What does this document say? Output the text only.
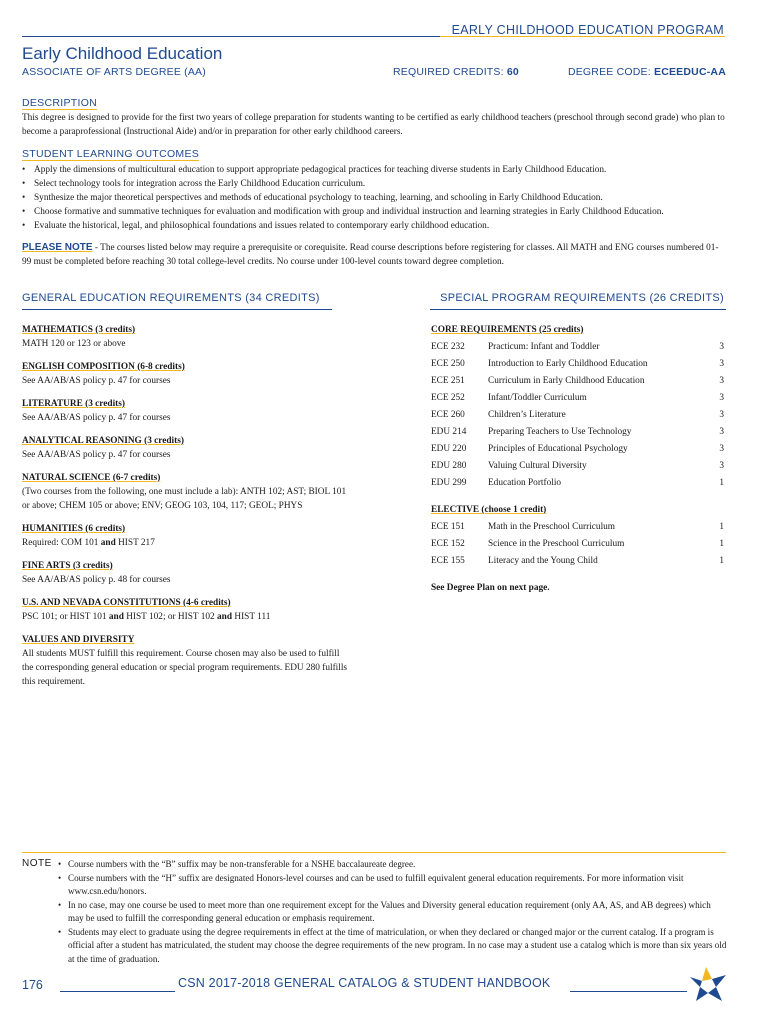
EARLY CHILDHOOD EDUCATION PROGRAM
Early Childhood Education
ASSOCIATE OF ARTS DEGREE (AA)	REQUIRED CREDITS: 60	DEGREE CODE: ECEEDUC-AA
DESCRIPTION
This degree is designed to provide for the first two years of college preparation for students wanting to be certified as early childhood teachers (preschool through second grade) who plan to become a paraprofessional (Instructional Aide) and/or in preparation for other early childhood careers.
STUDENT LEARNING OUTCOMES
• Apply the dimensions of multicultural education to support appropriate pedagogical practices for teaching diverse students in Early Childhood Education.
• Select technology tools for integration across the Early Childhood Education curriculum.
• Synthesize the major theoretical perspectives and methods of educational psychology to teaching, learning, and schooling in Early Childhood Education.
• Choose formative and summative techniques for evaluation and modification with group and individual instruction and learning strategies in Early Childhood Education.
• Evaluate the historical, legal, and philosophical foundations and issues related to contemporary early childhood education.
PLEASE NOTE - The courses listed below may require a prerequisite or corequisite. Read course descriptions before registering for classes. All MATH and ENG courses numbered 01-99 must be completed before reaching 30 total college-level credits. No course under 100-level counts toward degree completion.
GENERAL EDUCATION REQUIREMENTS (34 CREDITS)	SPECIAL PROGRAM REQUIREMENTS (26 CREDITS)
MATHEMATICS (3 credits)
MATH 120 or 123 or above
ENGLISH COMPOSITION (6-8 credits)
See AA/AB/AS policy p. 47 for courses
LITERATURE (3 credits)
See AA/AB/AS policy p. 47 for courses
ANALYTICAL REASONING (3 credits)
See AA/AB/AS policy p. 47 for courses
NATURAL SCIENCE (6-7 credits)
(Two courses from the following, one must include a lab): ANTH 102; AST; BIOL 101 or above; CHEM 105 or above; ENV; GEOG 103, 104, 117; GEOL; PHYS
HUMANITIES (6 credits)
Required: COM 101 and HIST 217
FINE ARTS (3 credits)
See AA/AB/AS policy p. 48 for courses
U.S. AND NEVADA CONSTITUTIONS (4-6 credits)
PSC 101; or HIST 101 and HIST 102; or HIST 102 and HIST 111
VALUES AND DIVERSITY
All students MUST fulfill this requirement. Course chosen may also be used to fulfill the corresponding general education or special program requirements. EDU 280 fulfills this requirement.
CORE REQUIREMENTS (25 credits)
ECE 232 Practicum: Infant and Toddler	3
ECE 250 Introduction to Early Childhood Education	3
ECE 251 Curriculum in Early Childhood Education	3
ECE 252 Infant/Toddler Curriculum	3
ECE 260 Children’s Literature	3
EDU 214 Preparing Teachers to Use Technology	3
EDU 220 Principles of Educational Psychology	3
EDU 280 Valuing Cultural Diversity	3
EDU 299 Education Portfolio	1
ELECTIVE (choose 1 credit)
ECE 151 Math in the Preschool Curriculum	1
ECE 152 Science in the Preschool Curriculum	1
ECE 155 Literacy and the Young Child	1
See Degree Plan on next page.
NOTE	• Course numbers with the “B” suffix may be non-transferable for a NSHE baccalaureate degree.
• Course numbers with the “H” suffix are designated Honors-level courses and can be used to fulfill equivalent general education requirements. For more information visit www.csn.edu/honors.
• In no case, may one course be used to meet more than one requirement except for the Values and Diversity general education requirement (only AA, AS, and AB degrees) which may be used to fulfill the corresponding general education or emphasis requirement.
• Students may elect to graduate using the degree requirements in effect at the time of matriculation, or when they declared or changed major or the current catalog. If a program is official after a student has matriculated, the student may choose the degree requirements of the new program. In no case may a student use a catalog which is more than six years old at the time of graduation.
176	CSN 2017-2018 GENERAL CATALOG & STUDENT HANDBOOK
